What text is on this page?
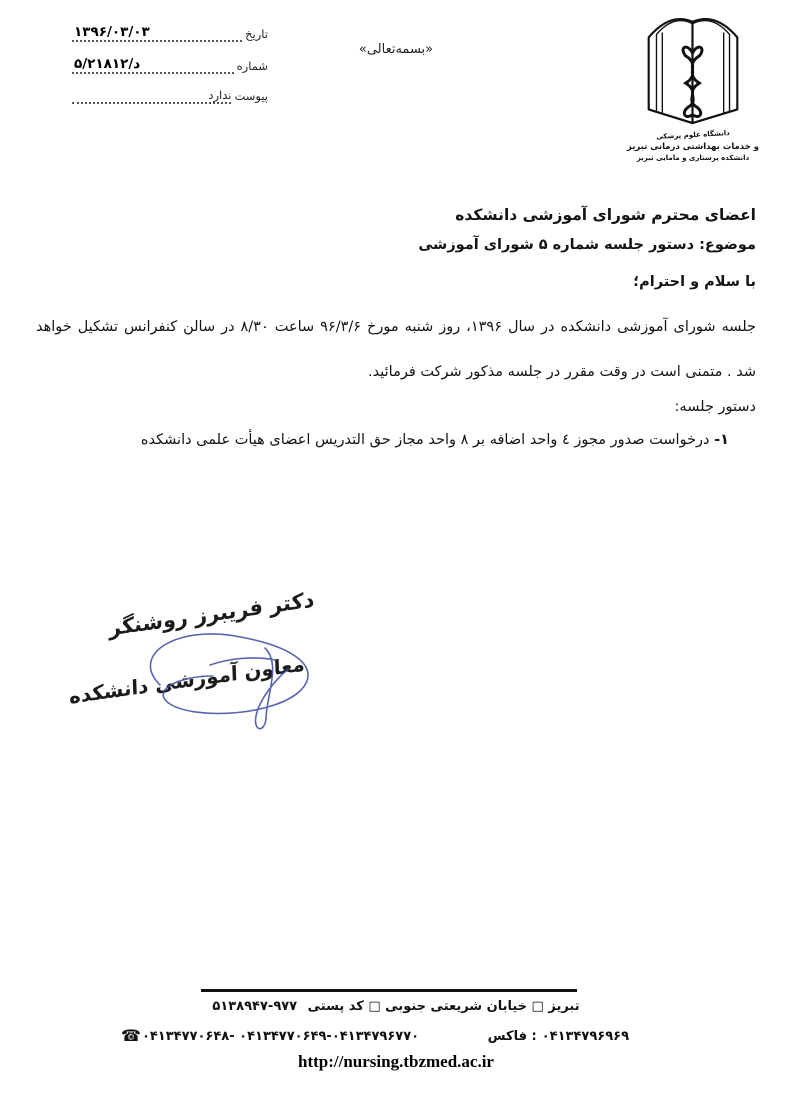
تاریخ
۱۳۹۶/۰۳/۰۳
شماره
۵/د/۲۱۸۱۲
پیوست
ندارد
«بسمه‌تعالی»
دانشگاه علوم پزشکی
و خدمات بهداشتی درمانی تبریز
دانشکده پرستاری و مامایی تبریز
اعضای محترم شورای آموزشی دانشکده
موضوع: دستور جلسه شماره ۵ شورای آموزشی
با سلام و احترام؛

جلسه شورای آموزشی دانشکده در سال ۱۳۹۶، روز شنبه مورخ ۹۶/۳/۶ ساعت ۸/۳۰ در سالن کنفرانس تشکیل خواهد شد . متمنی است در وقت مقرر در جلسه مذکور شرکت فرمائید.

دستور جلسه:
۱- درخواست صدور مجوز ٤ واحد اضافه بر ۸ واحد مجاز حق التدریس اعضای هیأت علمی دانشکده
دکتر فریبرز روشنگر
معاون آموزشی دانشکده
تبریز □ خیابان شریعتی جنوبی □ کد پستی ۵۱۳۸۹۴۷-۹۷۷
☎ ۰۴۱۳۴۷۷۰۶۴۸- ۰۴۱۳۴۷۷۰۶۴۹-۰۴۱۳۴۷۹۶۷۷۰	فاکس : ۰۴۱۳۴۷۹۶۹۶۹
http://nursing.tbzmed.ac.ir
